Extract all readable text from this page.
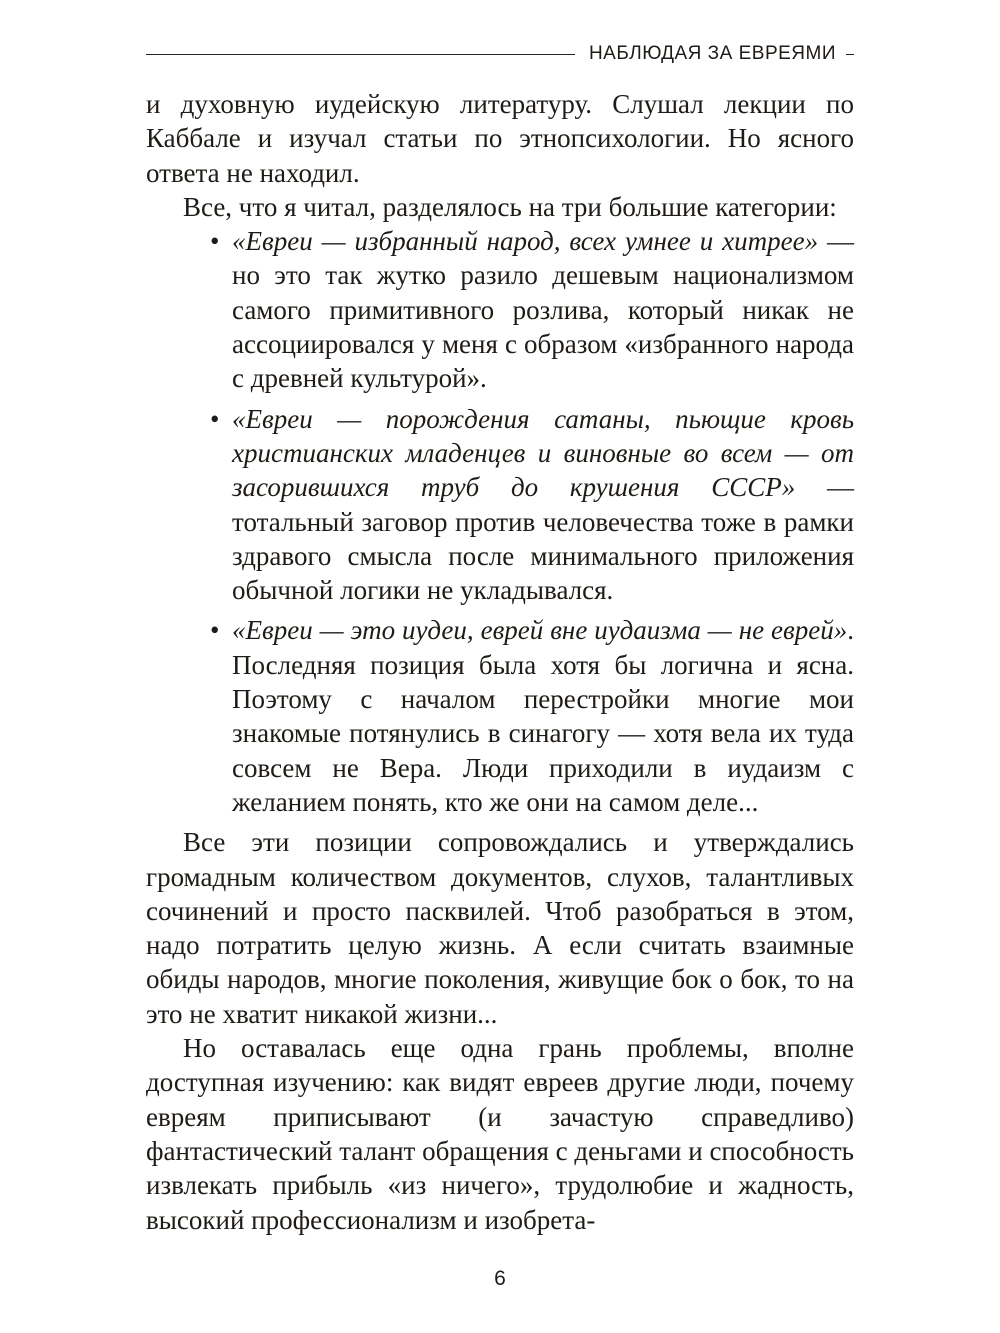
НАБЛЮДАЯ ЗА ЕВРЕЯМИ

и духовную иудейскую литературу. Слушал лекции по Каббале и изучал статьи по этнопсихологии. Но ясного ответа не находил.

Все, что я читал, разделялось на три большие категории:

• «Евреи — избранный народ, всех умнее и хитрее» — но это так жутко разило дешевым национализмом самого примитивного розлива, который никак не ассоциировался у меня с образом «избранного народа с древней культурой».
• «Евреи — порождения сатаны, пьющие кровь христианских младенцев и виновные во всем — от засорившихся труб до крушения СССР» — тотальный заговор против человечества тоже в рамки здравого смысла после минимального приложения обычной логики не укладывался.
• «Евреи — это иудеи, еврей вне иудаизма — не еврей». Последняя позиция была хотя бы логична и ясна. Поэтому с началом перестройки многие мои знакомые потянулись в синагогу — хотя вела их туда совсем не Вера. Люди приходили в иудаизм с желанием понять, кто же они на самом деле...

Все эти позиции сопровождались и утверждались громадным количеством документов, слухов, талантливых сочинений и просто пасквилей. Чтоб разобраться в этом, надо потратить целую жизнь. А если считать взаимные обиды народов, многие поколения, живущие бок о бок, то на это не хватит никакой жизни...

Но оставалась еще одна грань проблемы, вполне доступная изучению: как видят евреев другие люди, почему евреям приписывают (и зачастую справедливо) фантастический талант обращения с деньгами и способность извлекать прибыль «из ничего», трудолюбие и жадность, высокий профессионализм и изобрета-

6
